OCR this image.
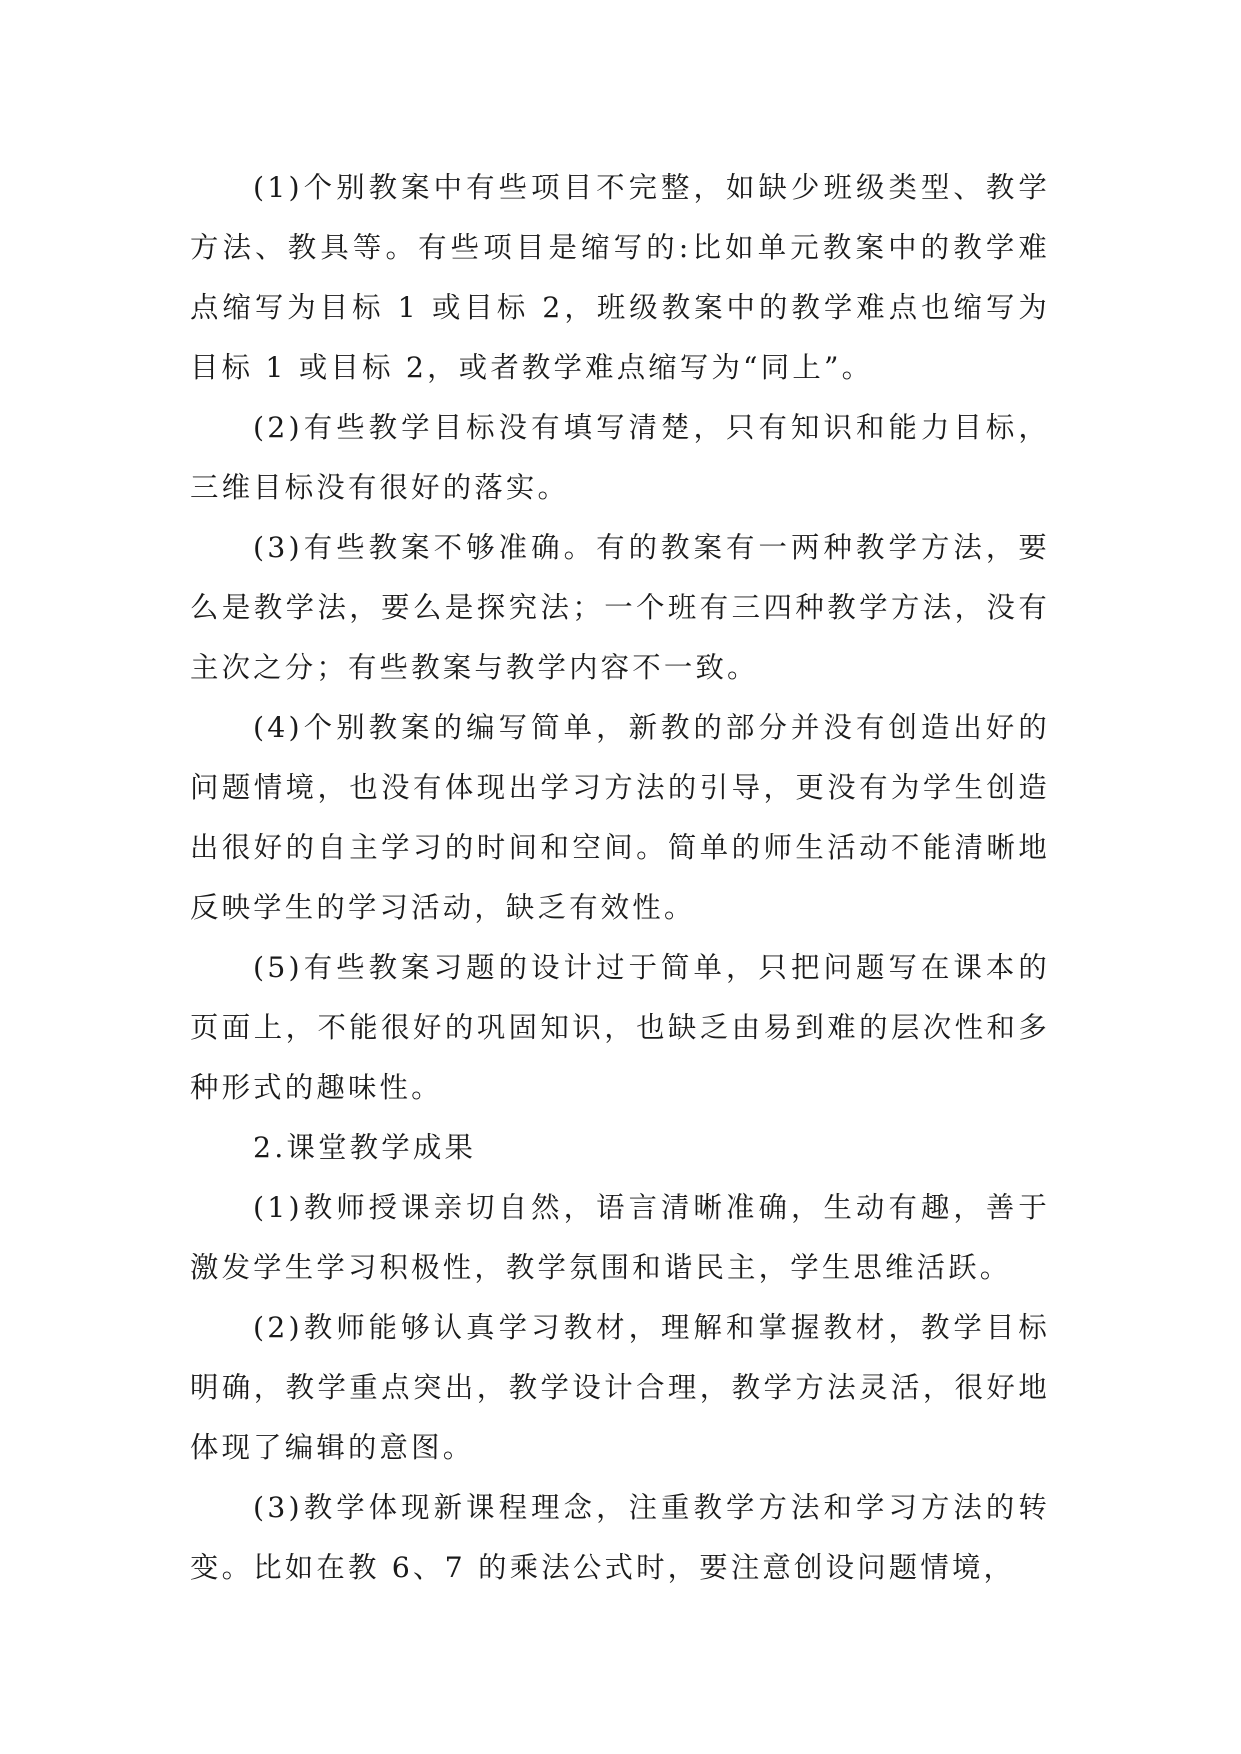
(1)个别教案中有些项目不完整，如缺少班级类型、教学方法、教具等。有些项目是缩写的:比如单元教案中的教学难点缩写为目标 1 或目标 2，班级教案中的教学难点也缩写为目标 1 或目标 2，或者教学难点缩写为“同上”。

(2)有些教学目标没有填写清楚，只有知识和能力目标，三维目标没有很好的落实。

(3)有些教案不够准确。有的教案有一两种教学方法，要么是教学法，要么是探究法；一个班有三四种教学方法，没有主次之分；有些教案与教学内容不一致。

(4)个别教案的编写简单，新教的部分并没有创造出好的问题情境，也没有体现出学习方法的引导，更没有为学生创造出很好的自主学习的时间和空间。简单的师生活动不能清晰地反映学生的学习活动，缺乏有效性。

(5)有些教案习题的设计过于简单，只把问题写在课本的页面上，不能很好的巩固知识，也缺乏由易到难的层次性和多种形式的趣味性。

2.课堂教学成果

(1)教师授课亲切自然，语言清晰准确，生动有趣，善于激发学生学习积极性，教学氛围和谐民主，学生思维活跃。

(2)教师能够认真学习教材，理解和掌握教材，教学目标明确，教学重点突出，教学设计合理，教学方法灵活，很好地体现了编辑的意图。

(3)教学体现新课程理念，注重教学方法和学习方法的转变。比如在教 6、7 的乘法公式时，要注意创设问题情境，
